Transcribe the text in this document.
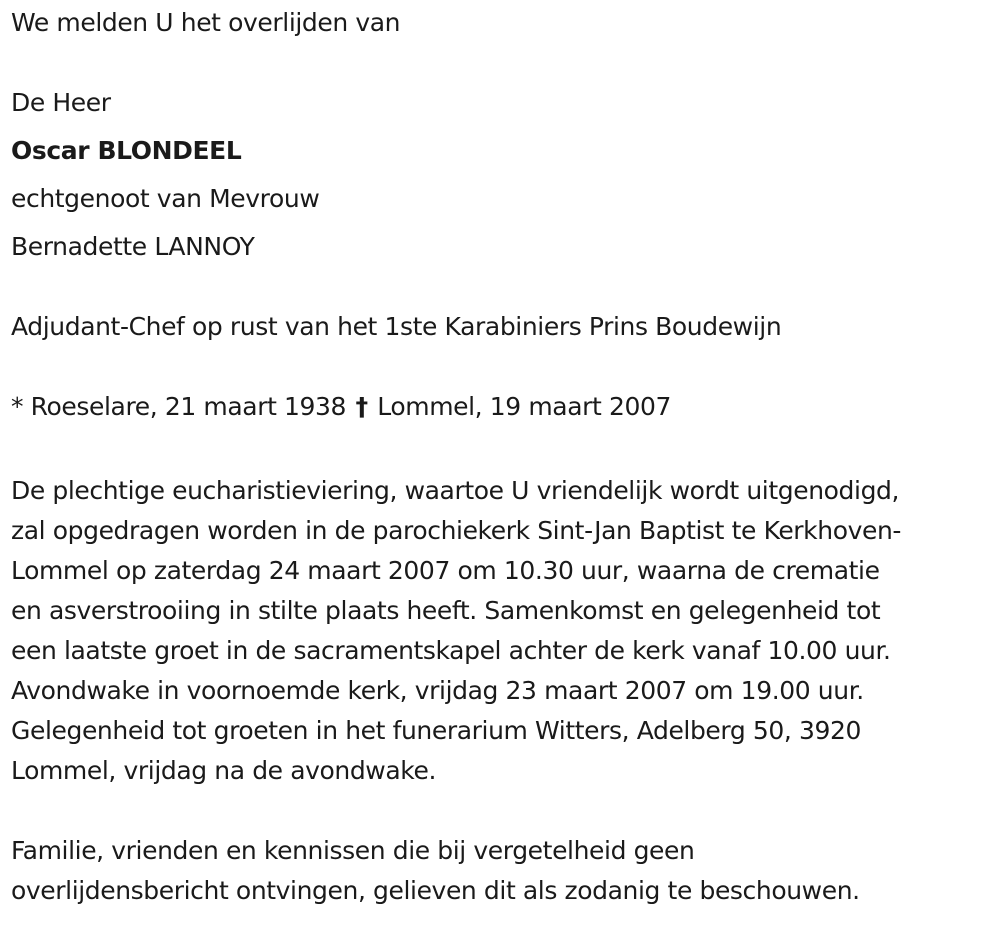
We melden U het overlijden van
De Heer
Oscar BLONDEEL
echtgenoot van Mevrouw
Bernadette LANNOY
Adjudant-Chef op rust van het 1ste Karabiniers Prins Boudewijn
* Roeselare, 21 maart 1938 † Lommel, 19 maart 2007
De plechtige eucharistieviering, waartoe U vriendelijk wordt uitgenodigd,
zal opgedragen worden in de parochiekerk Sint-Jan Baptist te Kerkhoven-
Lommel op zaterdag 24 maart 2007 om 10.30 uur, waarna de crematie
en asverstrooiing in stilte plaats heeft. Samenkomst en gelegenheid tot
een laatste groet in de sacramentskapel achter de kerk vanaf 10.00 uur.
Avondwake in voornoemde kerk, vrijdag 23 maart 2007 om 19.00 uur.
Gelegenheid tot groeten in het funerarium Witters, Adelberg 50, 3920
Lommel, vrijdag na de avondwake.
Familie, vrienden en kennissen die bij vergetelheid geen
overlijdensbericht ontvingen, gelieven dit als zodanig te beschouwen.
